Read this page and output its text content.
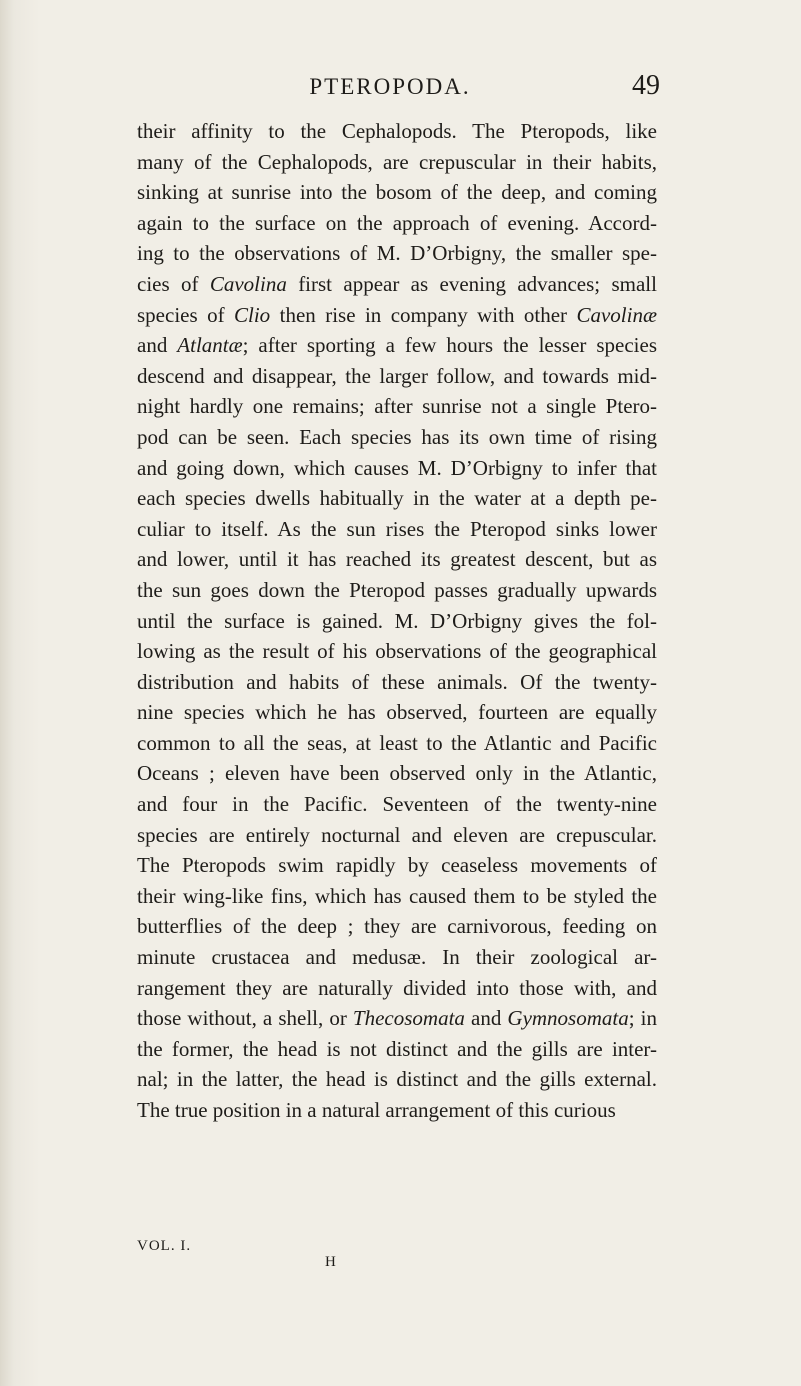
PTEROPODA.	49
their affinity to the Cephalopods. The Pteropods, like
many of the Cephalopods, are crepuscular in their habits,
sinking at sunrise into the bosom of the deep, and coming
again to the surface on the approach of evening. Accord-
ing to the observations of M. D’Orbigny, the smaller spe-
cies of Cavolina first appear as evening advances; small
species of Clio then rise in company with other Cavolinæ
and Atlantæ; after sporting a few hours the lesser species
descend and disappear, the larger follow, and towards mid-
night hardly one remains; after sunrise not a single Ptero-
pod can be seen. Each species has its own time of rising
and going down, which causes M. D’Orbigny to infer that
each species dwells habitually in the water at a depth pe-
culiar to itself. As the sun rises the Pteropod sinks lower
and lower, until it has reached its greatest descent, but as
the sun goes down the Pteropod passes gradually upwards
until the surface is gained. M. D’Orbigny gives the fol-
lowing as the result of his observations of the geographical
distribution and habits of these animals. Of the twenty-
nine species which he has observed, fourteen are equally
common to all the seas, at least to the Atlantic and Pacific
Oceans ; eleven have been observed only in the Atlantic,
and four in the Pacific. Seventeen of the twenty-nine
species are entirely nocturnal and eleven are crepuscular.
The Pteropods swim rapidly by ceaseless movements of
their wing-like fins, which has caused them to be styled the
butterflies of the deep ; they are carnivorous, feeding on
minute crustacea and medusæ. In their zoological ar-
rangement they are naturally divided into those with, and
those without, a shell, or Thecosomata and Gymnosomata; in
the former, the head is not distinct and the gills are inter-
nal; in the latter, the head is distinct and the gills external.
The true position in a natural arrangement of this curious
VOL. I.
H
